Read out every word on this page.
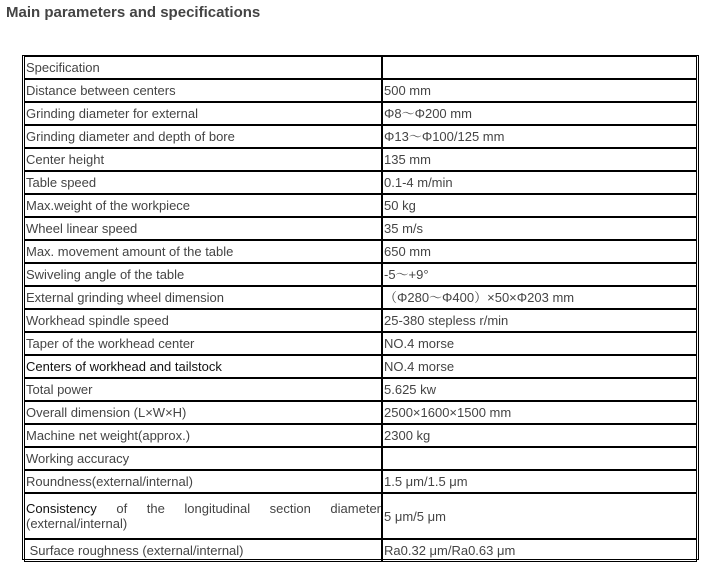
Main parameters and specifications
Specification	
Distance between centers	500 mm
Grinding diameter for external	Φ8～Φ200 mm
Grinding diameter and depth of bore	Φ13～Φ100/125 mm
Center height	135 mm
Table speed	0.1-4 m/min
Max.weight of the workpiece	50 kg
Wheel linear speed	35 m/s
Max. movement amount of the table	650 mm
Swiveling angle of the table	-5～+9°
External grinding wheel dimension	（Φ280～Φ400）×50×Φ203 mm
Workhead spindle speed	25-380 stepless r/min
Taper of the workhead center	NO.4 morse
Centers of workhead and tailstock	NO.4 morse
Total power	5.625 kw
Overall dimension (L×W×H)	2500×1600×1500 mm
Machine net weight(approx.)	2300 kg
Working accuracy	
Roundness(external/internal)	1.5 μm/1.5 μm
Consistency of the longitudinal section diameter (external/internal)	5 μm/5 μm
Surface roughness (external/internal)	Ra0.32 μm/Ra0.63 μm
